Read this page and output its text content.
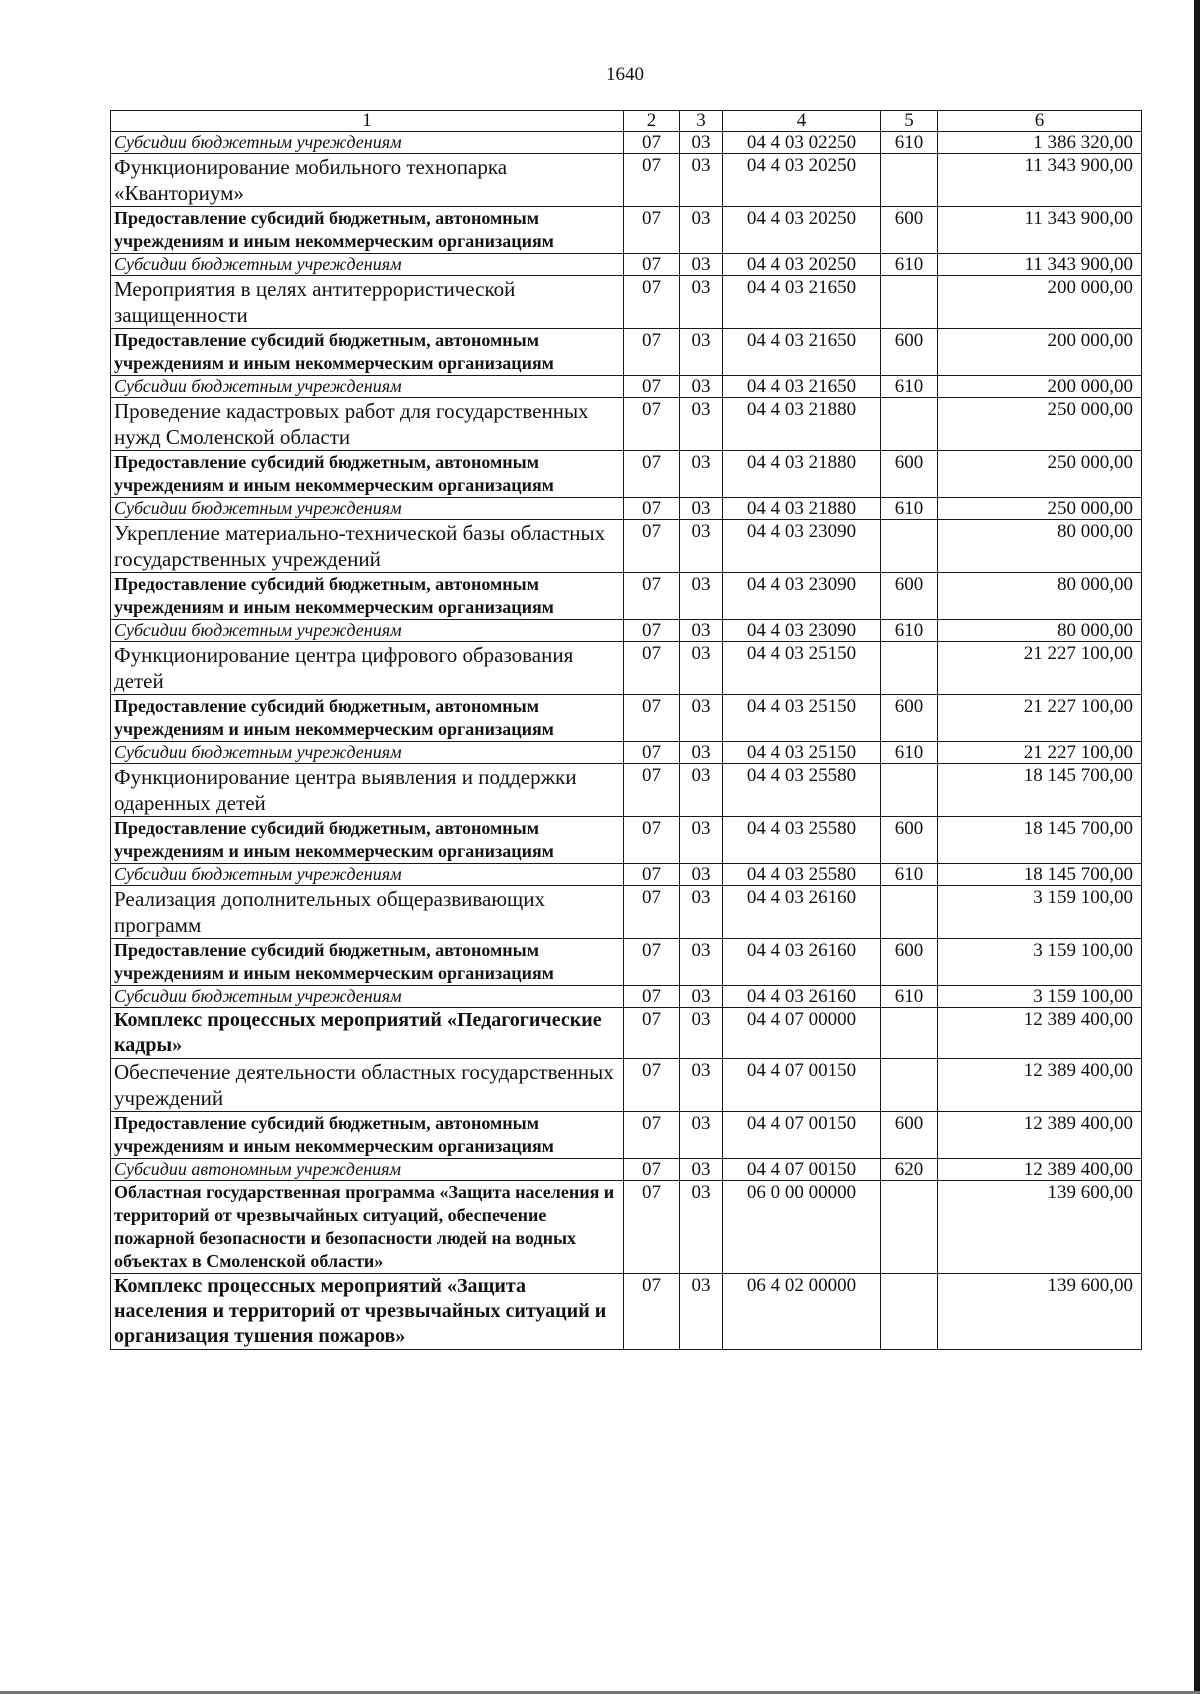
1640
1	2	3	4	5	6
Субсидии бюджетным учреждениям	07	03	04 4 03 02250	610	1 386 320,00
Функционирование мобильного технопарка «Кванториум»	07	03	04 4 03 20250		11 343 900,00
Предоставление субсидий бюджетным, автономным учреждениям и иным некоммерческим организациям	07	03	04 4 03 20250	600	11 343 900,00
Субсидии бюджетным учреждениям	07	03	04 4 03 20250	610	11 343 900,00
Мероприятия в целях антитеррористической защищенности	07	03	04 4 03 21650		200 000,00
Предоставление субсидий бюджетным, автономным учреждениям и иным некоммерческим организациям	07	03	04 4 03 21650	600	200 000,00
Субсидии бюджетным учреждениям	07	03	04 4 03 21650	610	200 000,00
Проведение кадастровых работ для государственных нужд Смоленской области	07	03	04 4 03 21880		250 000,00
Предоставление субсидий бюджетным, автономным учреждениям и иным некоммерческим организациям	07	03	04 4 03 21880	600	250 000,00
Субсидии бюджетным учреждениям	07	03	04 4 03 21880	610	250 000,00
Укрепление материально-технической базы областных государственных учреждений	07	03	04 4 03 23090		80 000,00
Предоставление субсидий бюджетным, автономным учреждениям и иным некоммерческим организациям	07	03	04 4 03 23090	600	80 000,00
Субсидии бюджетным учреждениям	07	03	04 4 03 23090	610	80 000,00
Функционирование центра цифрового образования детей	07	03	04 4 03 25150		21 227 100,00
Предоставление субсидий бюджетным, автономным учреждениям и иным некоммерческим организациям	07	03	04 4 03 25150	600	21 227 100,00
Субсидии бюджетным учреждениям	07	03	04 4 03 25150	610	21 227 100,00
Функционирование центра выявления и поддержки одаренных детей	07	03	04 4 03 25580		18 145 700,00
Предоставление субсидий бюджетным, автономным учреждениям и иным некоммерческим организациям	07	03	04 4 03 25580	600	18 145 700,00
Субсидии бюджетным учреждениям	07	03	04 4 03 25580	610	18 145 700,00
Реализация дополнительных общеразвивающих программ	07	03	04 4 03 26160		3 159 100,00
Предоставление субсидий бюджетным, автономным учреждениям и иным некоммерческим организациям	07	03	04 4 03 26160	600	3 159 100,00
Субсидии бюджетным учреждениям	07	03	04 4 03 26160	610	3 159 100,00
Комплекс процессных мероприятий «Педагогические кадры»	07	03	04 4 07 00000		12 389 400,00
Обеспечение деятельности областных государственных учреждений	07	03	04 4 07 00150		12 389 400,00
Предоставление субсидий бюджетным, автономным учреждениям и иным некоммерческим организациям	07	03	04 4 07 00150	600	12 389 400,00
Субсидии автономным учреждениям	07	03	04 4 07 00150	620	12 389 400,00
Областная государственная программа «Защита населения и территорий от чрезвычайных ситуаций, обеспечение пожарной безопасности и безопасности людей на водных объектах в Смоленской области»	07	03	06 0 00 00000		139 600,00
Комплекс процессных мероприятий «Защита населения и территорий от чрезвычайных ситуаций и организация тушения пожаров»	07	03	06 4 02 00000		139 600,00
